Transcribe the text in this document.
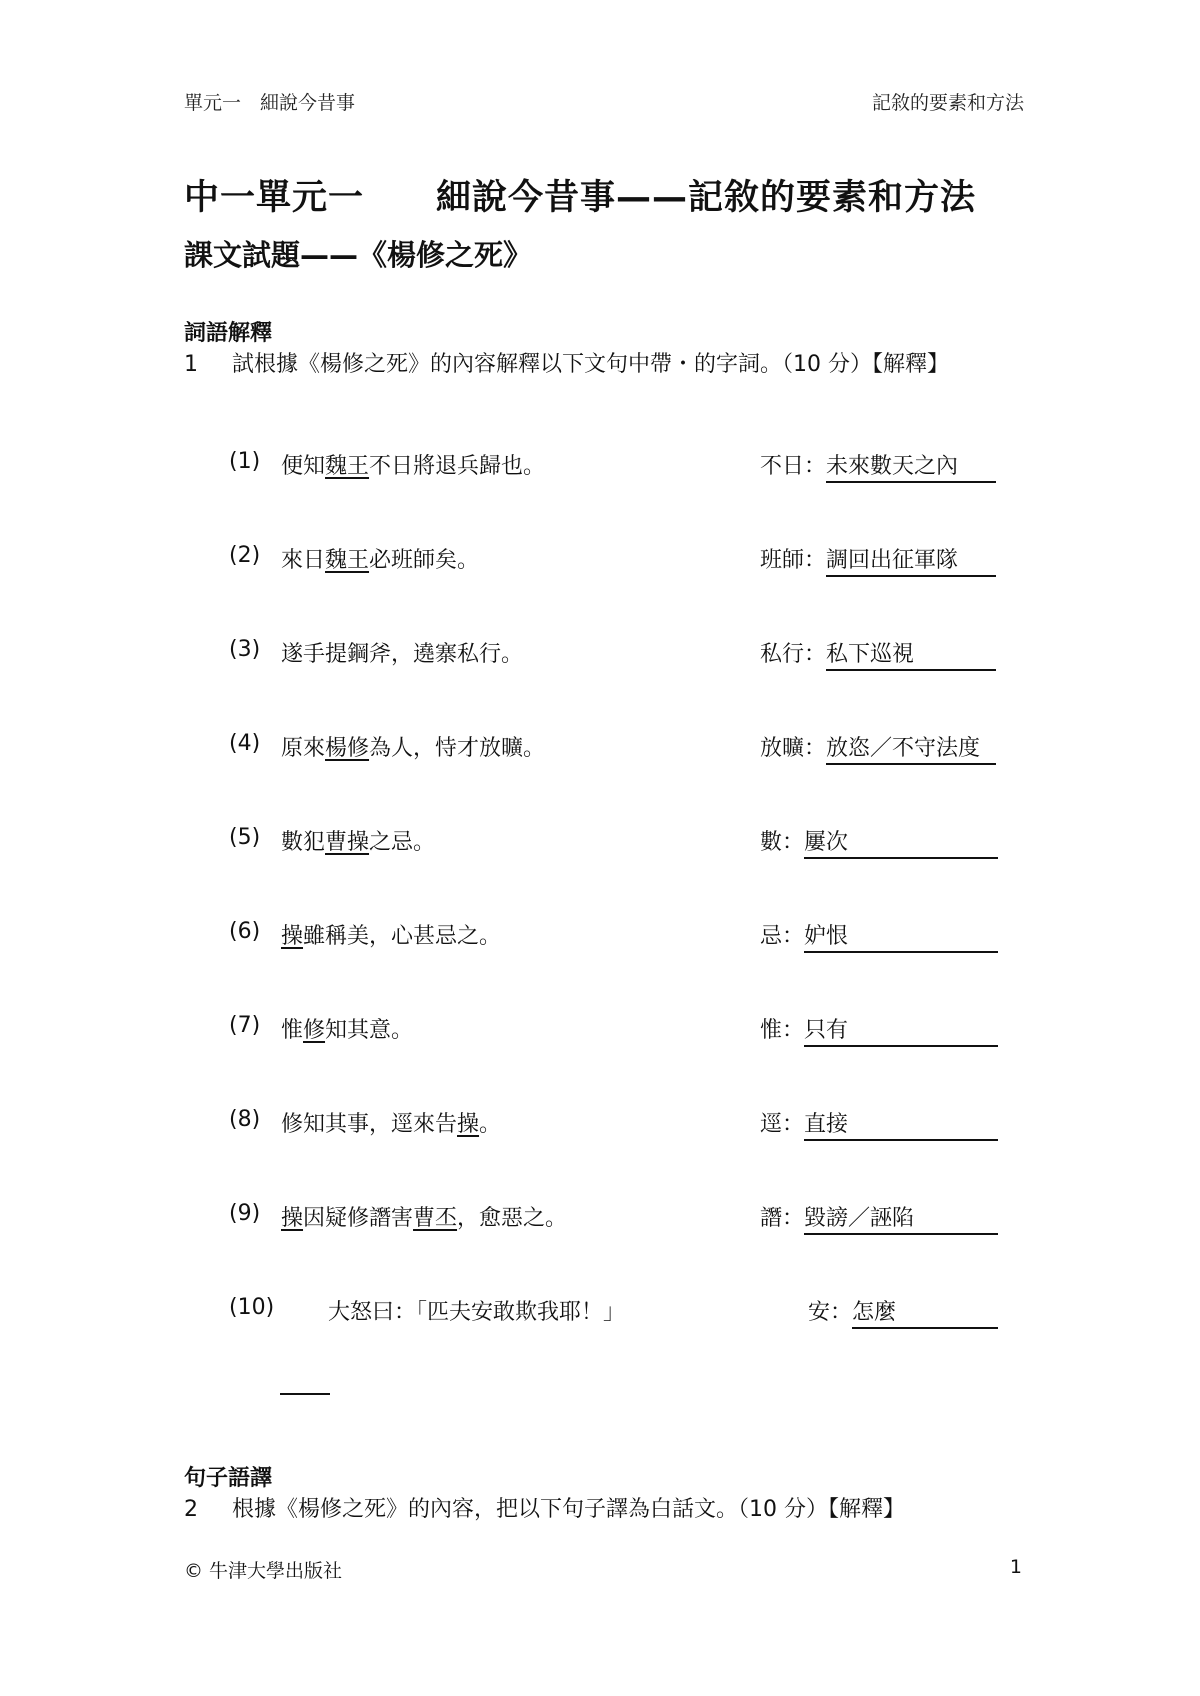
單元一　細說今昔事	記敘的要素和方法
中一單元一　　細說今昔事——記敘的要素和方法
課文試題——《楊修之死》
詞語解釋
1	試根據《楊修之死》的內容解釋以下文句中帶・的字詞。（10 分）【解釋】
(1) 便知魏王不日將退兵歸也。	不日：未來數天之內
(2) 來日魏王必班師矣。	班師：調回出征軍隊
(3) 遂手提鋼斧，遶寨私行。	私行：私下巡視
(4) 原來楊修為人，恃才放曠。	放曠：放恣／不守法度
(5) 數犯曹操之忌。	數：屢次
(6) 操雖稱美，心甚忌之。	忌：妒恨
(7) 惟修知其意。	惟：只有
(8) 修知其事，逕來告操。	逕：直接
(9) 操因疑修譖害曹丕，愈惡之。	譖：毀謗／誣陷
(10) 大怒曰：「匹夫安敢欺我耶！」	安：怎麼
句子語譯
2	根據《楊修之死》的內容，把以下句子譯為白話文。（10 分）【解釋】
© 牛津大學出版社	1
